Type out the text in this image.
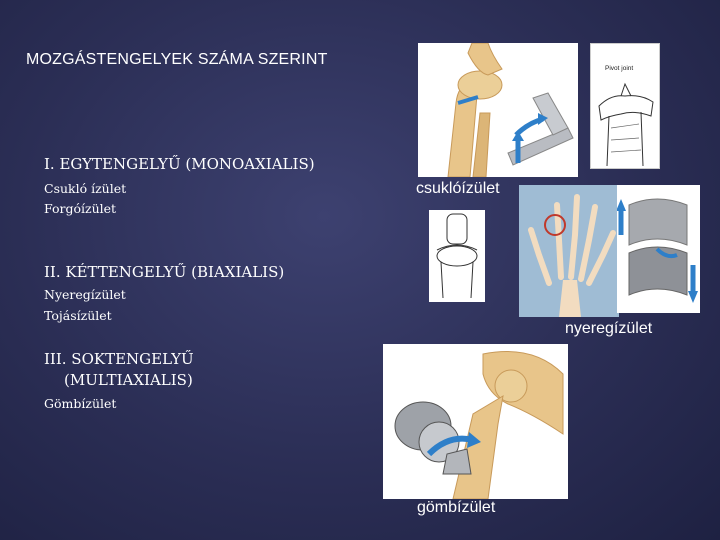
MOZGÁSTENGELYEK SZÁMA SZERINT
I. EGYTENGELYŰ (MONOAXIALIS)
Csukló ízület
Forgóízület
II. KÉTTENGELYŰ (BIAXIALIS)
Nyeregízület
Tojásízület
III. SOKTENGELYŰ
(MULTIAXIALIS)
Gömbízület
csuklóízület
nyeregízület
gömbízület
Pivot joint
